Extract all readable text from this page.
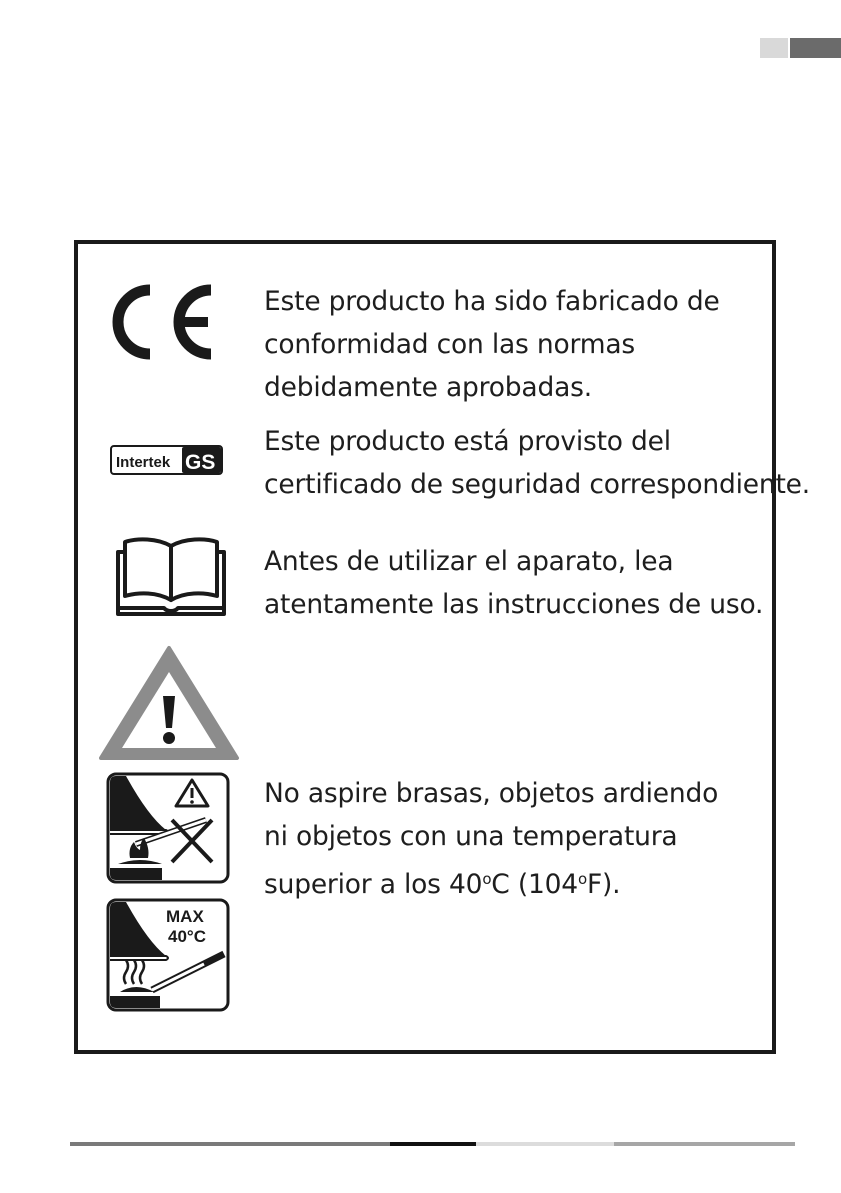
Este producto ha sido fabricado de
conformidad con las normas
debidamente aprobadas.
Intertek GS
Este producto está provisto del
certificado de seguridad correspondiente.
Antes de utilizar el aparato, lea
atentamente las instrucciones de uso.
No aspire brasas, objetos ardiendo
ni objetos con una temperatura
superior a los 40$^o$C (104$^o$F).
MAX
40°C
